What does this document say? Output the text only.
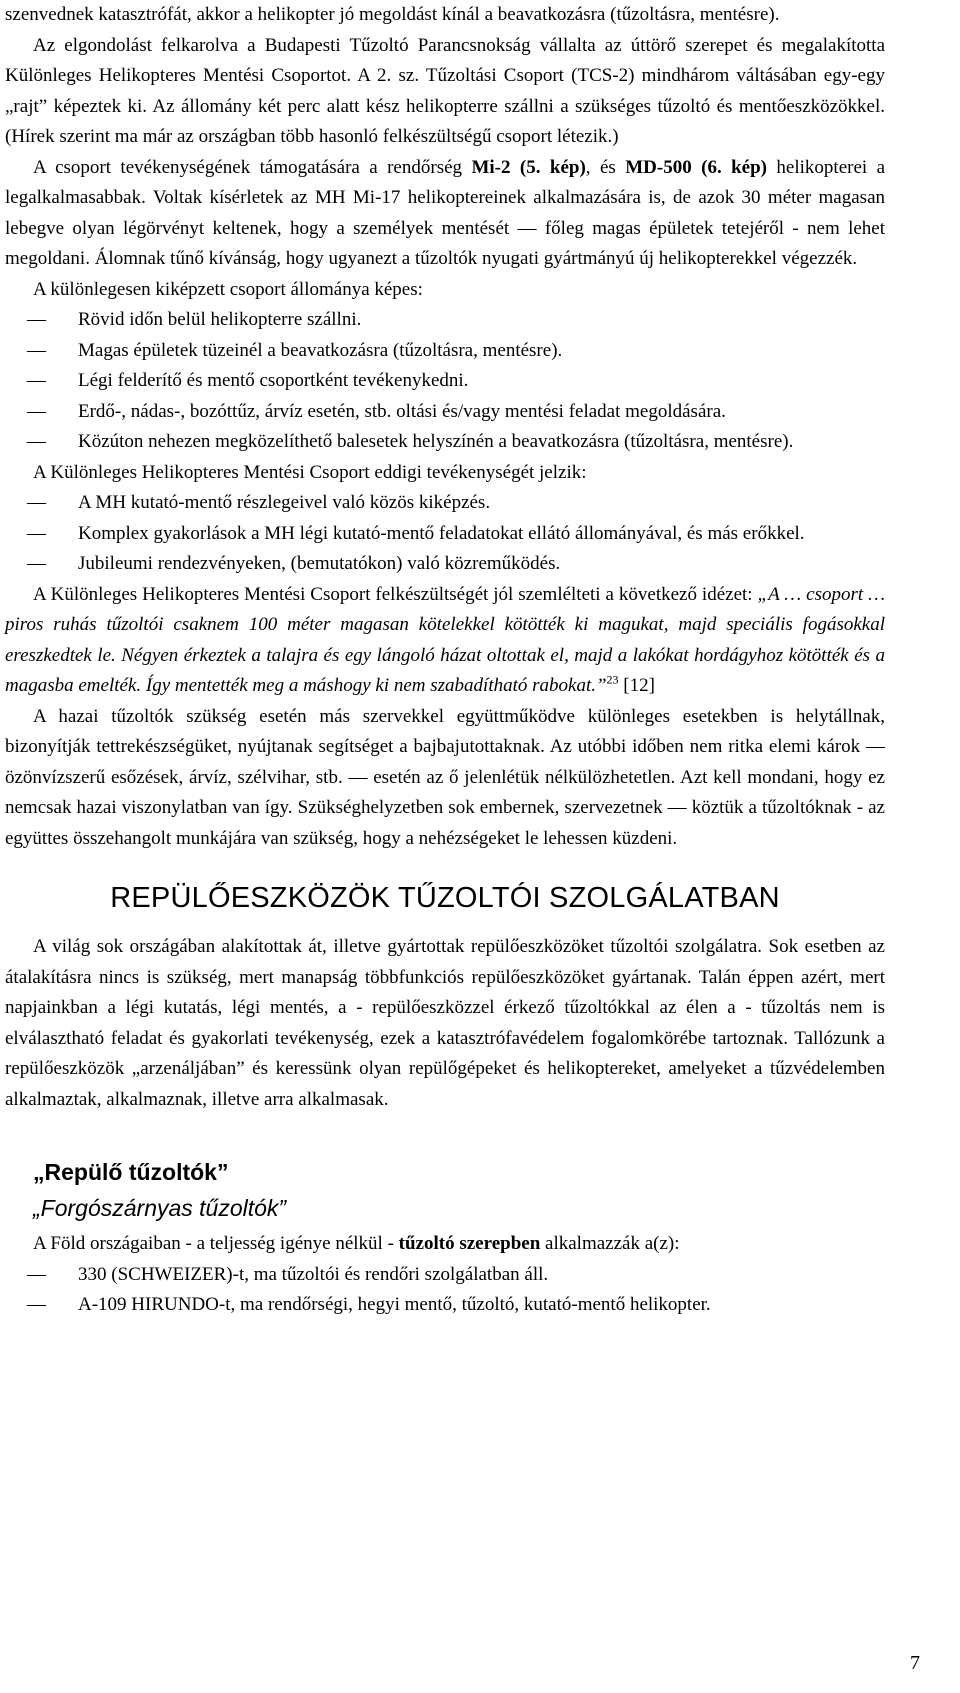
szenvednek katasztrófát, akkor a helikopter jó megoldást kínál a beavatkozásra (tűzoltásra, mentésre).

Az elgondolást felkarolva a Budapesti Tűzoltó Parancsnokság vállalta az úttörő szerepet és megalakította Különleges Helikopteres Mentési Csoportot. A 2. sz. Tűzoltási Csoport (TCS-2) mindhárom váltásában egy-egy „rajt” képeztek ki. Az állomány két perc alatt kész helikopterre szállni a szükséges tűzoltó és mentőeszközökkel. (Hírek szerint ma már az országban több hasonló felkészültségű csoport létezik.)

A csoport tevékenységének támogatására a rendőrség Mi-2 (5. kép), és MD-500 (6. kép) helikopterei a legalkalmasabbak. Voltak kísérletek az MH Mi-17 helikoptereinek alkalmazására is, de azok 30 méter magasan lebegve olyan légörvényt keltenek, hogy a személyek mentését ― főleg magas épületek tetejéről - nem lehet megoldani. Álomnak tűnő kívánság, hogy ugyanezt a tűzoltók nyugati gyártmányú új helikopterekkel végezzék.

A különlegesen kiképzett csoport állománya képes:

― Rövid időn belül helikopterre szállni.
― Magas épületek tüzeinél a beavatkozásra (tűzoltásra, mentésre).
― Légi felderítő és mentő csoportként tevékenykedni.
― Erdő-, nádas-, bozóttűz, árvíz esetén, stb. oltási és/vagy mentési feladat megoldására.
― Közúton nehezen megközelíthető balesetek helyszínén a beavatkozásra (tűzoltásra, mentésre).

A Különleges Helikopteres Mentési Csoport eddigi tevékenységét jelzik:

― A MH kutató-mentő részlegeivel való közös kiképzés.
― Komplex gyakorlások a MH légi kutató-mentő feladatokat ellátó állományával, és más erőkkel.
― Jubileumi rendezvényeken, (bemutatókon) való közreműködés.

A Különleges Helikopteres Mentési Csoport felkészültségét jól szemlélteti a következő idézet: „A … csoport … piros ruhás tűzoltói csaknem 100 méter magasan kötelekkel kötötték ki magukat, majd speciális fogásokkal ereszkedtek le. Négyen érkeztek a talajra és egy lángoló házat oltottak el, majd a lakókat hordágyhoz kötötték és a magasba emelték. Így mentették meg a máshogy ki nem szabadítható rabokat.”$^{23}$ [12]

A hazai tűzoltók szükség esetén más szervekkel együttműködve különleges esetekben is helytállnak, bizonyítják tettrekészségüket, nyújtanak segítséget a bajbajutottaknak. Az utóbbi időben nem ritka elemi károk ― özönvízszerű esőzések, árvíz, szélvihar, stb. ― esetén az ő jelenlétük nélkülözhetetlen. Azt kell mondani, hogy ez nemcsak hazai viszonylatban van így. Szükséghelyzetben sok embernek, szervezetnek ― köztük a tűzoltóknak - az együttes összehangolt munkájára van szükség, hogy a nehézségeket le lehessen küzdeni.

REPÜLŐESZKÖZÖK TŰZOLTÓI SZOLGÁLATBAN

A világ sok országában alakítottak át, illetve gyártottak repülőeszközöket tűzoltói szolgálatra. Sok esetben az átalakításra nincs is szükség, mert manapság többfunkciós repülőeszközöket gyártanak. Talán éppen azért, mert napjainkban a légi kutatás, légi mentés, a - repülőeszközzel érkező tűzoltókkal az élen a - tűzoltás nem is elválasztható feladat és gyakorlati tevékenység, ezek a katasztrófavédelem fogalomkörébe tartoznak. Tallózunk a repülőeszközök „arzenáljában” és keressünk olyan repülőgépeket és helikoptereket, amelyeket a tűzvédelemben alkalmaztak, alkalmaznak, illetve arra alkalmasak.

„Repülő tűzoltók”
„Forgószárnyas tűzoltók”

A Föld országaiban - a teljesség igénye nélkül - tűzoltó szerepben alkalmazzák a(z):

― 330 (SCHWEIZER)-t, ma tűzoltói és rendőri szolgálatban áll.
― A-109 HIRUNDO-t, ma rendőrségi, hegyi mentő, tűzoltó, kutató-mentő helikopter.
7
